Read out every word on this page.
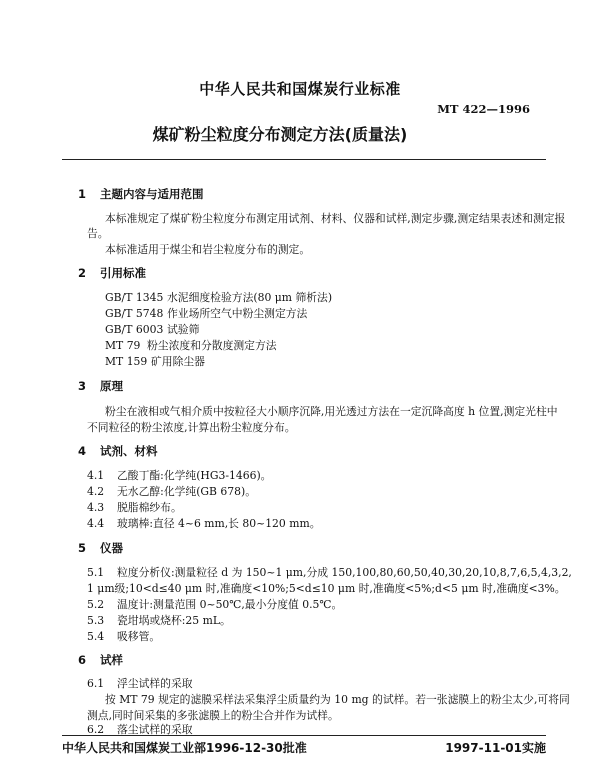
中华人民共和国煤炭行业标准
MT 422—1996
煤矿粉尘粒度分布测定方法(质量法)
1 主题内容与适用范围
本标准规定了煤矿粉尘粒度分布测定用试剂、材料、仪器和试样,测定步骤,测定结果表述和测定报
告。
本标准适用于煤尘和岩尘粒度分布的测定。
2 引用标准
GB/T 1345 水泥细度检验方法(80 μm 筛析法)
GB/T 5748 作业场所空气中粉尘测定方法
GB/T 6003 试验筛
MT 79 粉尘浓度和分散度测定方法
MT 159 矿用除尘器
3 原理
粉尘在液相或气相介质中按粒径大小顺序沉降,用光透过方法在一定沉降高度 h 位置,测定光柱中
不同粒径的粉尘浓度,计算出粉尘粒度分布。
4 试剂、材料
4.1 乙酸丁酯:化学纯(HG3-1466)。
4.2 无水乙醇:化学纯(GB 678)。
4.3 脱脂棉纱布。
4.4 玻璃棒:直径 4~6 mm,长 80~120 mm。
5 仪器
5.1 粒度分析仪:测量粒径 d 为 150~1 μm,分成 150,100,80,60,50,40,30,20,10,8,7,6,5,4,3,2,
1 μm级;10<d≤40 μm 时,准确度<10%;5<d≤10 μm 时,准确度<5%;d<5 μm 时,准确度<3%。
5.2 温度计:测量范围 0~50℃,最小分度值 0.5℃。
5.3 瓷坩埚或烧杯:25 mL。
5.4 吸移管。
6 试样
6.1 浮尘试样的采取
按 MT 79 规定的滤膜采样法采集浮尘质量约为 10 mg 的试样。若一张滤膜上的粉尘太少,可将同
测点,同时间采集的多张滤膜上的粉尘合并作为试样。
6.2 落尘试样的采取
中华人民共和国煤炭工业部1996-12-30批准	1997-11-01实施
